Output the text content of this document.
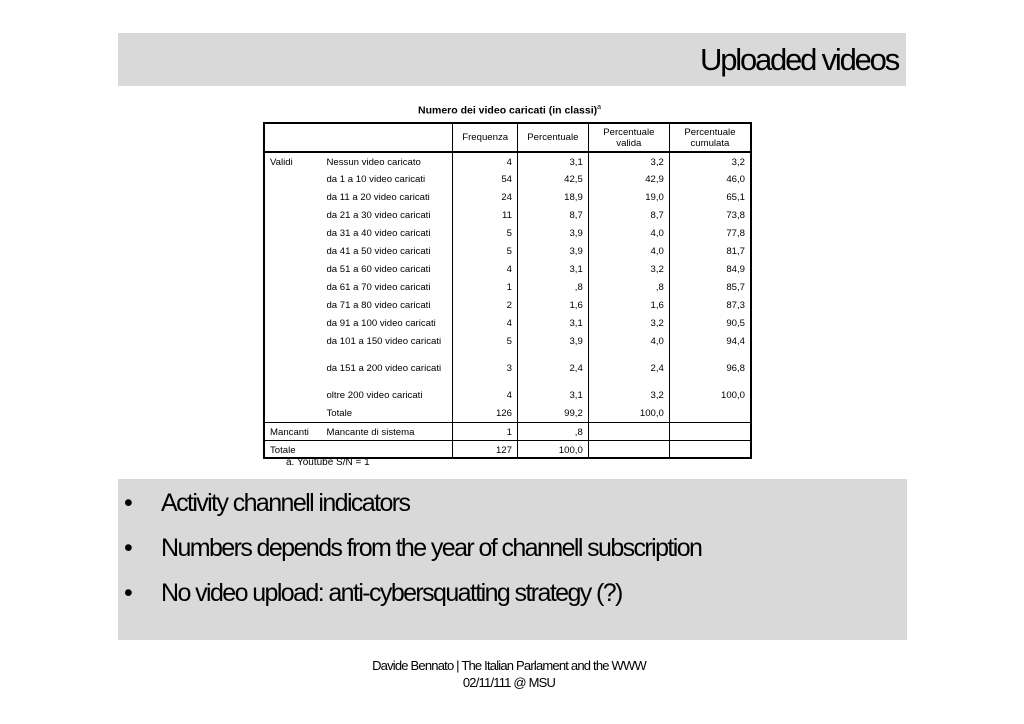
Uploaded videos
Numero dei video caricati (in classi)$^a$
		Frequenza	Percentuale	Percentuale valida	Percentuale cumulata
Validi	Nessun video caricato	4	3,1	3,2	3,2
	da 1 a 10 video caricati	54	42,5	42,9	46,0
	da 11 a 20 video caricati	24	18,9	19,0	65,1
	da 21 a 30 video caricati	11	8,7	8,7	73,8
	da 31 a 40 video caricati	5	3,9	4,0	77,8
	da 41 a 50 video caricati	5	3,9	4,0	81,7
	da 51 a 60 video caricati	4	3,1	3,2	84,9
	da 61 a 70 video caricati	1	,8	,8	85,7
	da 71 a 80 video caricati	2	1,6	1,6	87,3
	da 91 a 100 video caricati	4	3,1	3,2	90,5
	da 101 a 150 video caricati	5	3,9	4,0	94,4
	da 151 a 200 video caricati	3	2,4	2,4	96,8
	oltre 200 video caricati	4	3,1	3,2	100,0
	Totale	126	99,2	100,0	
Mancanti	Mancante di sistema	1	,8		
Totale		127	100,0		
a. Youtube S/N = 1
• Activity channell indicators
• Numbers depends from the year of channell subscription
• No video upload: anti-cybersquatting strategy (?)
Davide Bennato | The Italian Parlament and the WWW
02/11/111 @ MSU
